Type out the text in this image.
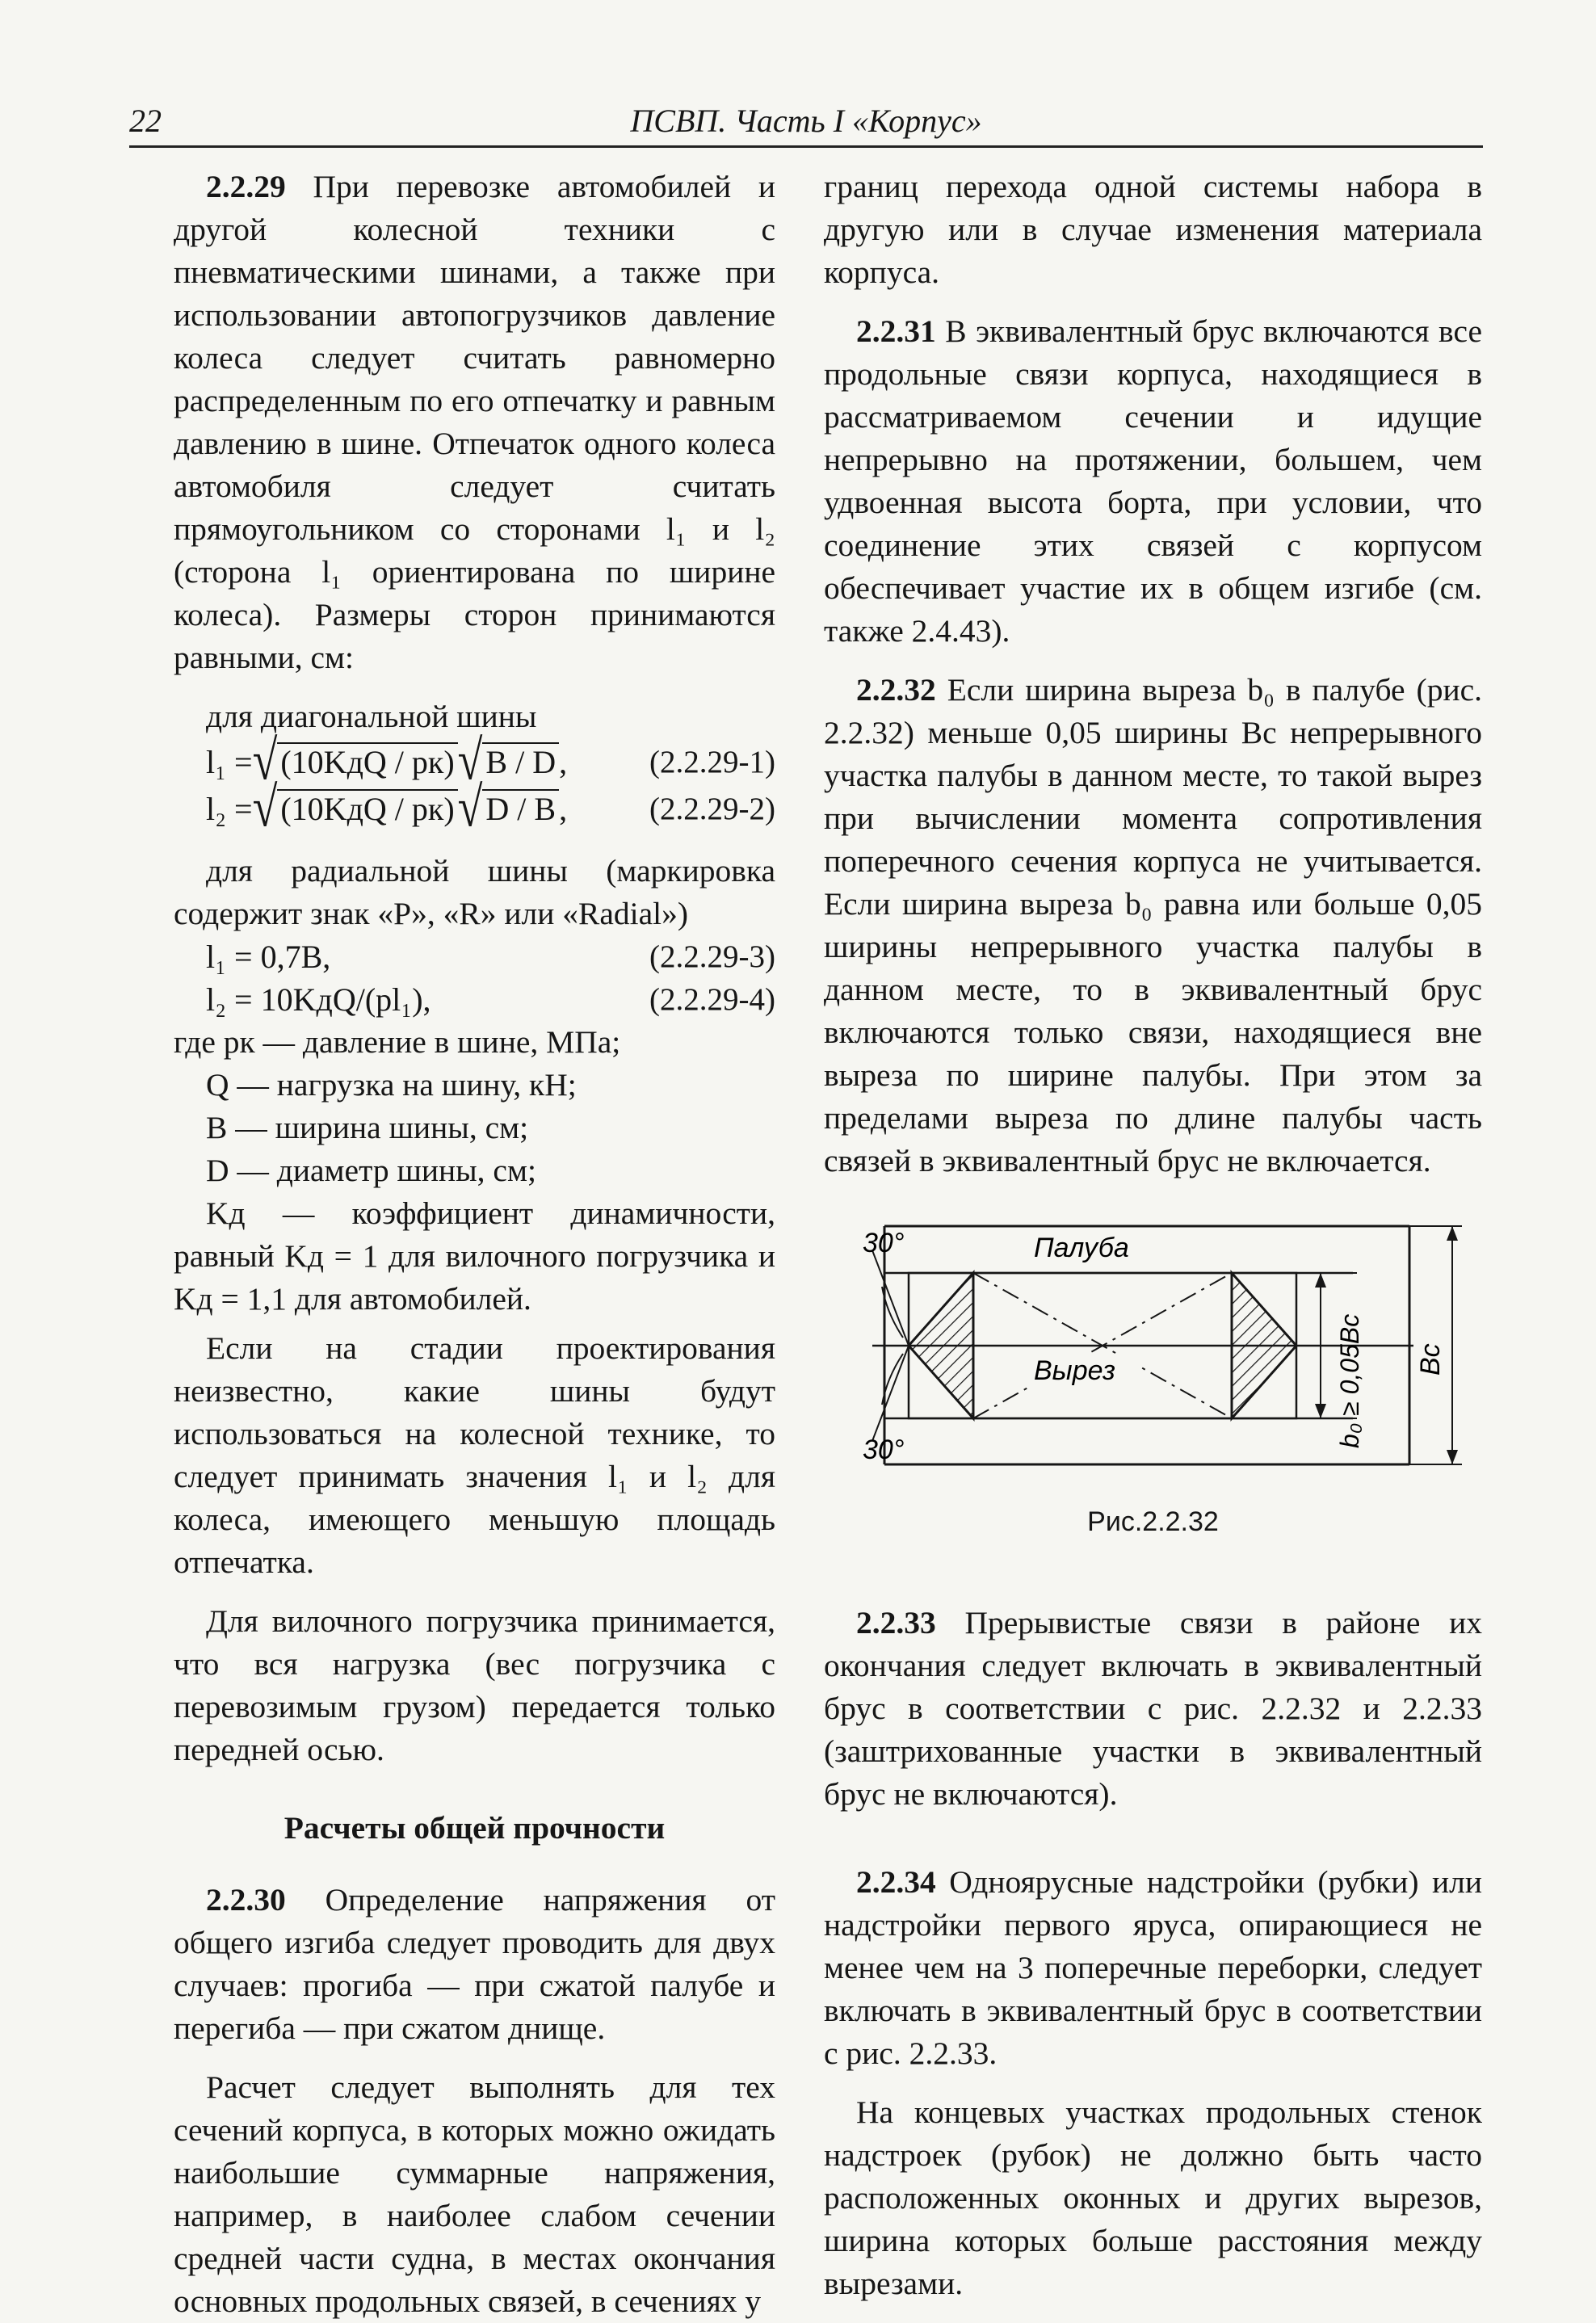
22	ПСВП. Часть I «Корпус»

2.2.29 При перевозке автомобилей и другой колесной техники с пневматическими шинами, а также при использовании автопогрузчиков давление колеса следует считать равномерно распределенным по его отпечатку и равным давлению в шине. Отпечаток одного колеса автомобиля следует считать прямоугольником со сторонами l₁ и l₂ (сторона l₁ ориентирована по ширине колеса). Размеры сторон принимаются равными, см:

для диагональной шины

l₁ = √ (10KдQ / pк) √ B / D ,	(2.2.29-1)
l₂ = √ (10KдQ / pк) √ D / B ,	(2.2.29-2)

для радиальной шины (маркировка содержит знак «P», «R» или «Radial»)

l₁ = 0,7B,	(2.2.29-3)
l₂ = 10KдQ/(pl₁),	(2.2.29-4)

где pк — давление в шине, МПа;

Q — нагрузка на шину, кН;

B — ширина шины, см;

D — диаметр шины, см;

Kд — коэффициент динамичности, равный Kд = 1 для вилочного погрузчика и Kд = 1,1 для автомобилей.

Если на стадии проектирования неизвестно, какие шины будут использоваться на колесной технике, то следует принимать значения l₁ и l₂ для колеса, имеющего меньшую площадь отпечатка.

Для вилочного погрузчика принимается, что вся нагрузка (вес погрузчика с перевозимым грузом) передается только передней осью.

Расчеты общей прочности

2.2.30 Определение напряжения от общего изгиба следует проводить для двух случаев: прогиба — при сжатой палубе и перегиба — при сжатом днище.

Расчет следует выполнять для тех сечений корпуса, в которых можно ожидать наибольшие суммарные напряжения, например, в наиболее слабом сечении средней части судна, в местах окончания основных продольных связей, в сечениях у

границ перехода одной системы набора в другую или в случае изменения материала корпуса.

2.2.31 В эквивалентный брус включаются все продольные связи корпуса, находящиеся в рассматриваемом сечении и идущие непрерывно на протяжении, большем, чем удвоенная высота борта, при условии, что соединение этих связей с корпусом обеспечивает участие их в общем изгибе (см. также 2.4.43).

2.2.32 Если ширина выреза b₀ в палубе (рис. 2.2.32) меньше 0,05 ширины Bс непрерывного участка палубы в данном месте, то такой вырез при вычислении момента сопротивления поперечного сечения корпуса не учитывается. Если ширина выреза b₀ равна или больше 0,05 ширины непрерывного участка палубы в данном месте, то в эквивалентный брус включаются только связи, находящиеся вне выреза по ширине палубы. При этом за пределами выреза по длине палубы часть связей в эквивалентный брус не включается.

30°
30°
Палуба
Вырез	b₀ ≥ 0,05Bс Bс

Рис.2.2.32

2.2.33 Прерывистые связи в районе их окончания следует включать в эквивалентный брус в соответствии с рис. 2.2.32 и 2.2.33 (заштрихованные участки в эквивалентный брус не включаются).

2.2.34 Одноярусные надстройки (рубки) или надстройки первого яруса, опирающиеся не менее чем на 3 поперечные переборки, следует включать в эквивалентный брус в соответствии с рис. 2.2.33.

На концевых участках продольных стенок надстроек (рубок) не должно быть часто расположенных оконных и других вырезов, ширина которых больше расстояния между вырезами.
